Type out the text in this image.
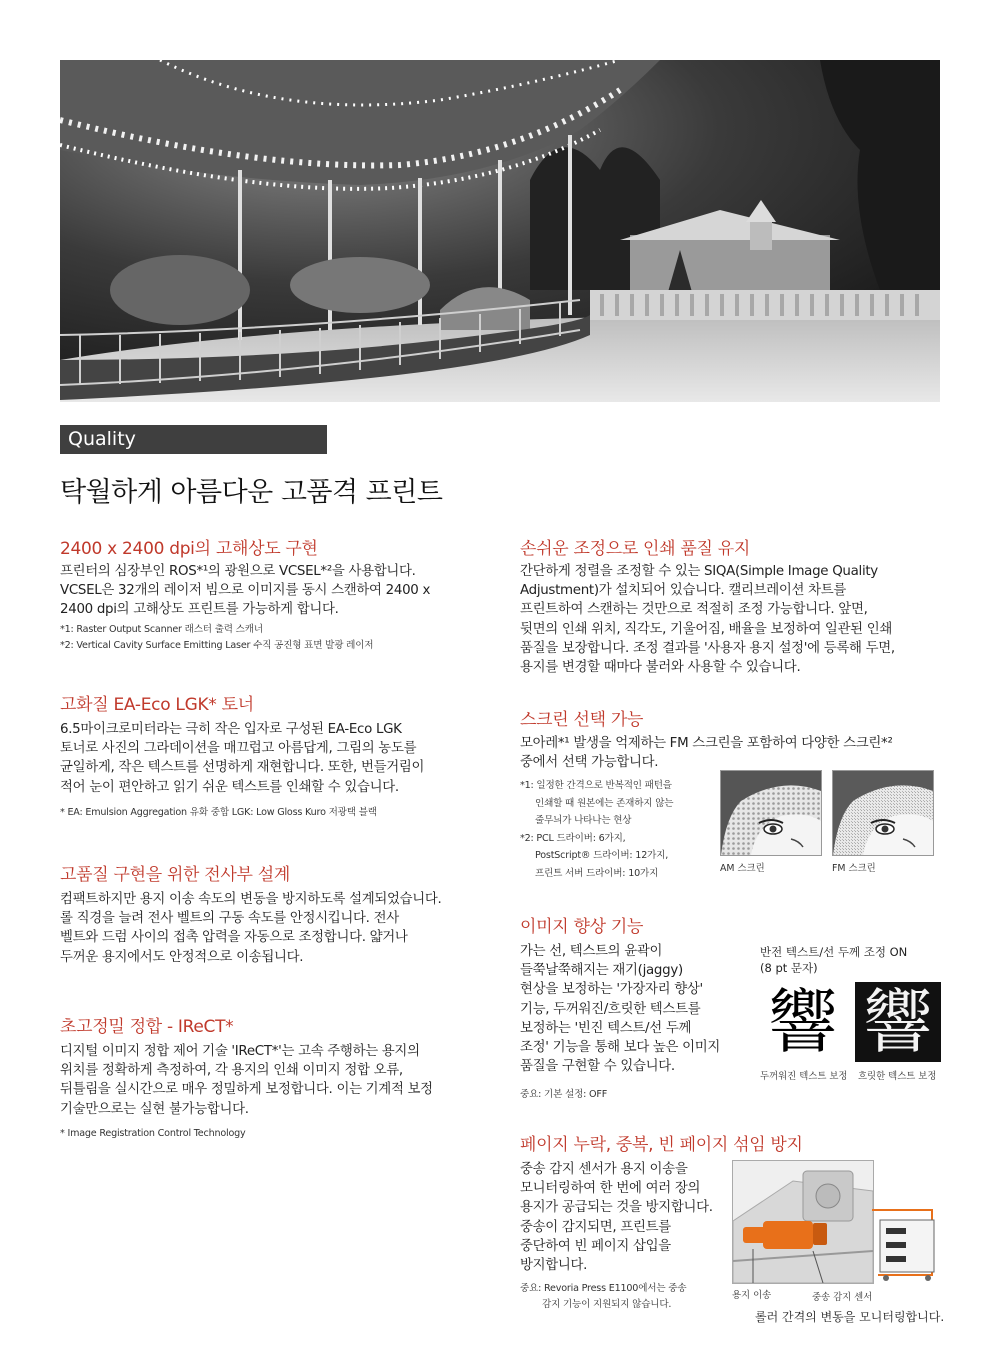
Quality
탁월하게 아름다운 고품격 프린트
2400 x 2400 dpi의 고해상도 구현
프린터의 심장부인 ROS*¹의 광원으로 VCSEL*²을 사용합니다.
VCSEL은 32개의 레이저 빔으로 이미지를 동시 스캔하여 2400 x
2400 dpi의 고해상도 프린트를 가능하게 합니다.
*1: Raster Output Scanner 래스터 출력 스캐너
*2: Vertical Cavity Surface Emitting Laser 수직 공진형 표면 발광 레이저
고화질 EA-Eco LGK* 토너
6.5마이크로미터라는 극히 작은 입자로 구성된 EA-Eco LGK
토너로 사진의 그라데이션을 매끄럽고 아름답게, 그림의 농도를
균일하게, 작은 텍스트를 선명하게 재현합니다. 또한, 번들거림이
적어 눈이 편안하고 읽기 쉬운 텍스트를 인쇄할 수 있습니다.
* EA: Emulsion Aggregation 유화 중합 LGK: Low Gloss Kuro 저광택 블랙
고품질 구현을 위한 전사부 설계
컴팩트하지만 용지 이송 속도의 변동을 방지하도록 설계되었습니다.
롤 직경을 늘려 전사 벨트의 구동 속도를 안정시킵니다. 전사
벨트와 드럼 사이의 접촉 압력을 자동으로 조정합니다. 얇거나
두꺼운 용지에서도 안정적으로 이송됩니다.
초고정밀 정합 - IReCT*
디지털 이미지 정합 제어 기술 'IReCT*'는 고속 주행하는 용지의
위치를 정확하게 측정하여, 각 용지의 인쇄 이미지 정합 오류,
뒤틀림을 실시간으로 매우 정밀하게 보정합니다. 이는 기계적 보정
기술만으로는 실현 불가능합니다.
* Image Registration Control Technology
손쉬운 조정으로 인쇄 품질 유지
간단하게 정렬을 조정할 수 있는 SIQA(Simple Image Quality
Adjustment)가 설치되어 있습니다. 캘리브레이션 차트를
프린트하여 스캔하는 것만으로 적절히 조정 가능합니다. 앞면,
뒷면의 인쇄 위치, 직각도, 기울어짐, 배율을 보정하여 일관된 인쇄
품질을 보장합니다. 조정 결과를 '사용자 용지 설정'에 등록해 두면,
용지를 변경할 때마다 불러와 사용할 수 있습니다.
스크린 선택 가능
모아레*¹ 발생을 억제하는 FM 스크린을 포함하여 다양한 스크린*²
중에서 선택 가능합니다.
*1: 일정한 간격으로 반복적인 패턴을
인쇄할 때 원본에는 존재하지 않는
줄무늬가 나타나는 현상
*2: PCL 드라이버: 6가지,
PostScript® 드라이버: 12가지,
프린트 서버 드라이버: 10가지	AM 스크린	FM 스크린
이미지 향상 기능
가는 선, 텍스트의 윤곽이
들쭉날쭉해지는 재기(jaggy)
현상을 보정하는 '가장자리 향상'
기능, 두꺼워진/흐릿한 텍스트를
보정하는 '빈진 텍스트/선 두께
조정' 기능을 통해 보다 높은 이미지
품질을 구현할 수 있습니다.
중요: 기본 설정: OFF
반전 텍스트/선 두께 조정 ON
(8 pt 문자)
響 響
두꺼워진 텍스트 보정 흐릿한 텍스트 보정
페이지 누락, 중복, 빈 페이지 섞임 방지
중송 감지 센서가 용지 이송을
모니터링하여 한 번에 여러 장의
용지가 공급되는 것을 방지합니다.
중송이 감지되면, 프린트를
중단하여 빈 페이지 삽입을
방지합니다.
중요: Revoria Press E1100에서는 중송
감지 기능이 지원되지 않습니다.
용지 이송	중송 감지 센서
롤러 간격의 변동을 모니터링합니다.
